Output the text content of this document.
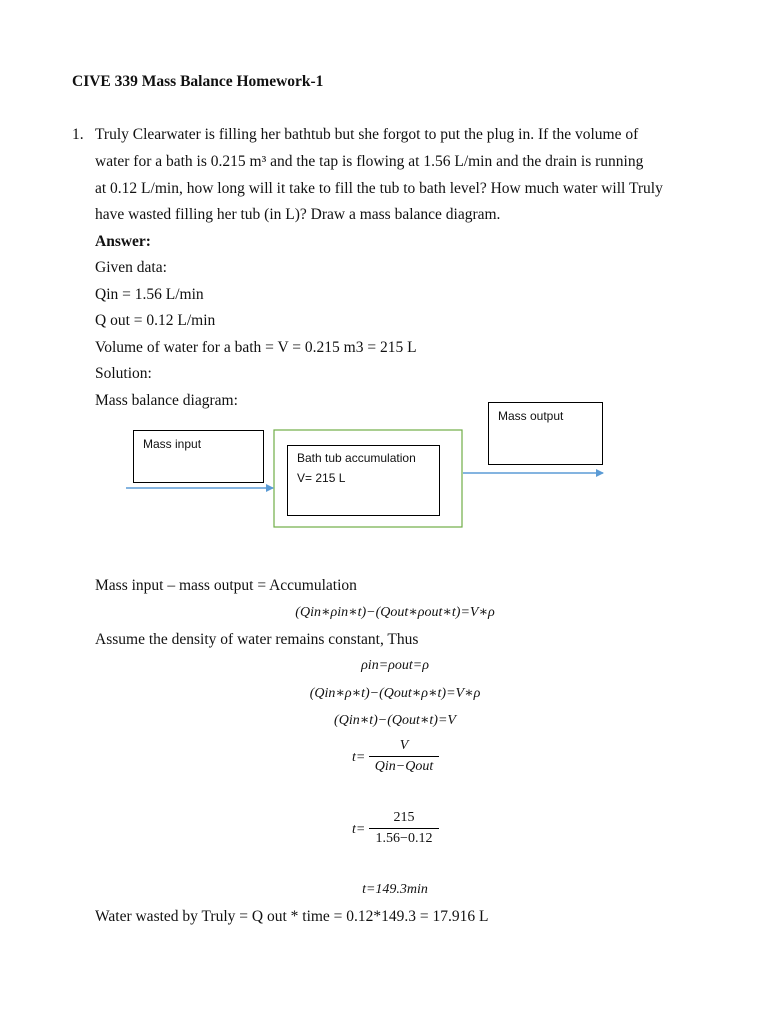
CIVE 339 Mass Balance Homework-1
1. Truly Clearwater is filling her bathtub but she forgot to put the plug in. If the volume of
water for a bath is 0.215 m³ and the tap is flowing at 1.56 L/min and the drain is running
at 0.12 L/min, how long will it take to fill the tub to bath level? How much water will Truly
have wasted filling her tub (in L)? Draw a mass balance diagram.
Answer:
Given data:
Qin = 1.56 L/min
Q out = 0.12 L/min
Volume of water for a bath = V = 0.215 m3 = 215 L
Solution:
Mass balance diagram:
Mass input
Bath tub accumulation
V= 215 L
Mass output
Mass input – mass output = Accumulation
(Qin∗ρin∗t)−(Qout∗ρout∗t)=V∗ρ
Assume the density of water remains constant, Thus
ρin=ρout=ρ
(Qin∗ρ∗t)−(Qout∗ρ∗t)=V∗ρ
(Qin∗t)−(Qout∗t)=V
t=
V
Qin−Qout
t=
215
1.56−0.12
t=149.3min
Water wasted by Truly = Q out * time = 0.12*149.3 = 17.916 L
